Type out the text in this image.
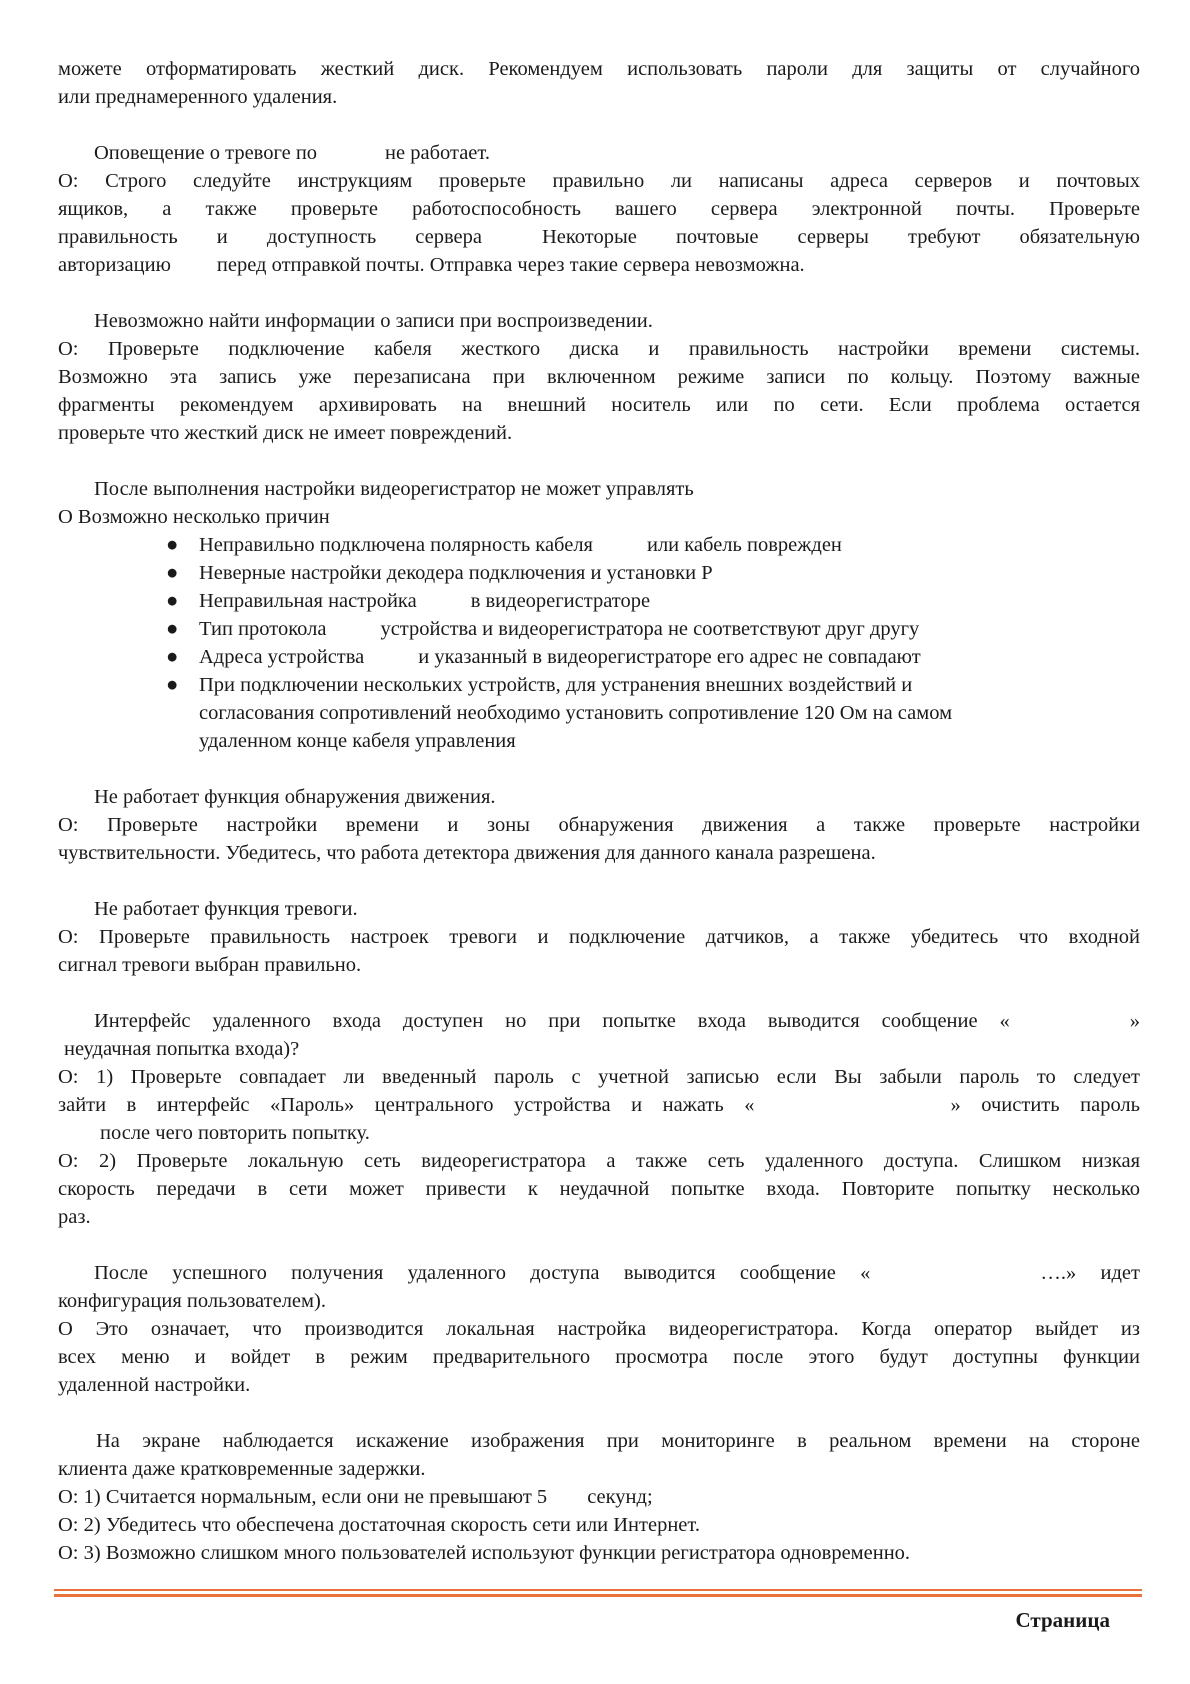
можете отформатировать жесткий диск. Рекомендуем использовать пароли для защиты от случайного

или преднамеренного удаления.

Оповещение о тревоге по	не работает.

О: Строго следуйте инструкциям проверьте правильно ли написаны адреса серверов и почтовых

ящиков, а также проверьте работоспособность вашего сервера электронной почты. Проверьте

правильность и доступность сервера	Некоторые почтовые серверы требуют обязательную

авторизацию перед отправкой почты. Отправка через такие сервера невозможна.

Невозможно найти информации о записи при воспроизведении.

О: Проверьте подключение кабеля жесткого диска и правильность настройки времени системы.

Возможно эта запись уже перезаписана при включенном режиме записи по кольцу. Поэтому важные

фрагменты рекомендуем архивировать на внешний носитель или по сети. Если проблема остается

проверьте что жесткий диск не имеет повреждений.

После выполнения настройки видеорегистратор не может управлять

О Возможно несколько причин

● Неправильно подключена полярность кабеля	или кабель поврежден
● Неверные настройки декодера подключения и установки Р
● Неправильная настройка	в видеорегистраторе
● Тип протокола	устройства и видеорегистратора не соответствуют друг другу
● Адреса устройства	и указанный в видеорегистраторе его адрес не совпадают
● При подключении нескольких устройств, для устранения внешних воздействий и
согласования сопротивлений необходимо установить сопротивление 120 Ом на самом
удаленном конце кабеля управления

Не работает функция обнаружения движения.

О: Проверьте настройки времени и зоны обнаружения движения а также проверьте настройки

чувствительности. Убедитесь, что работа детектора движения для данного канала разрешена.

Не работает функция тревоги.

О: Проверьте правильность настроек тревоги и подключение датчиков, а также убедитесь что входной

сигнал тревоги выбран правильно.

Интерфейс удаленного входа доступен но при попытке входа выводится сообщение «	»

неудачная попытка входа)?

О: 1) Проверьте совпадает ли введенный пароль с учетной записью если Вы забыли пароль то следует

зайти в интерфейс «Пароль» центрального устройства и нажать «	» очистить пароль

после чего повторить попытку.

О: 2) Проверьте локальную сеть видеорегистратора а также сеть удаленного доступа. Слишком низкая

скорость передачи в сети может привести к неудачной попытке входа. Повторите попытку несколько

раз.

После успешного получения удаленного доступа выводится сообщение «	….» идет

конфигурация пользователем).

О Это означает, что производится локальная настройка видеорегистратора. Когда оператор выйдет из

всех меню и войдет в режим предварительного просмотра после этого будут доступны функции

удаленной настройки.

На экране наблюдается искажение изображения при мониторинге в реальном времени на стороне

клиента даже кратковременные задержки.

О: 1) Считается нормальным, если они не превышают 5 секунд;

О: 2) Убедитесь что обеспечена достаточная скорость сети или Интернет.

О: 3) Возможно слишком много пользователей используют функции регистратора одновременно.

Страница
